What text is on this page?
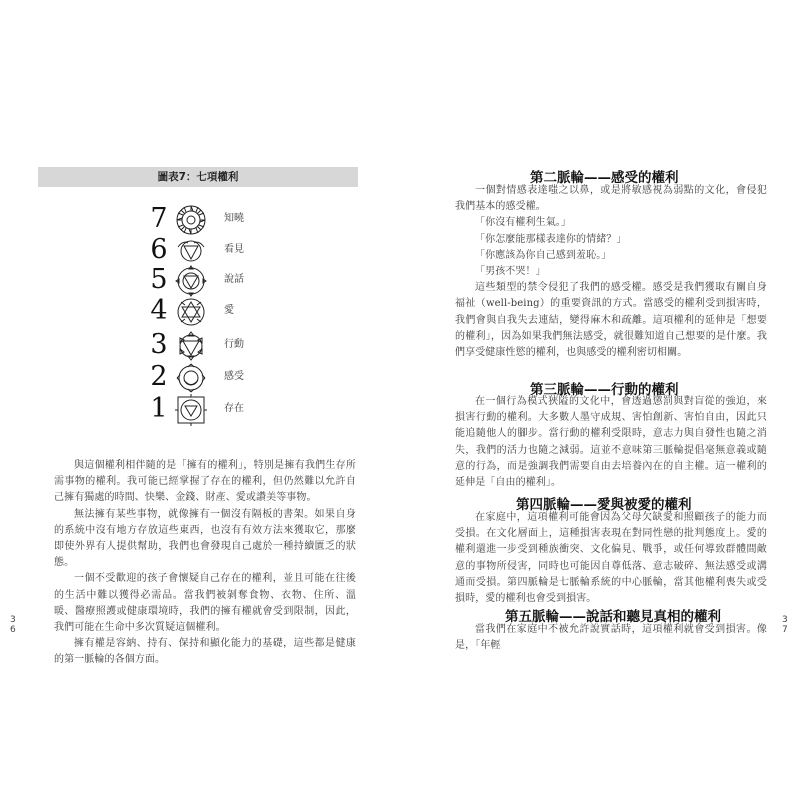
圖表7：七項權利
7	知曉
6	看見
5	說話
4	愛
3	行動
2	感受
1	存在

與這個權利相伴隨的是「擁有的權利」，特別是擁有我們生存所需事物的權利。我可能已經掌握了存在的權利，但仍然難以允許自己擁有獨處的時間、快樂、金錢、財產、愛或讚美等事物。

無法擁有某些事物，就像擁有一個沒有隔板的書架。如果自身的系統中沒有地方存放這些東西，也沒有有效方法來獲取它，那麼即使外界有人提供幫助，我們也會發現自己處於一種持續匱乏的狀態。

一個不受歡迎的孩子會懷疑自己存在的權利，並且可能在往後的生活中難以獲得必需品。當我們被剝奪食物、衣物、住所、溫暖、醫療照護或健康環境時，我們的擁有權就會受到限制，因此，我們可能在生命中多次質疑這個權利。

擁有權是容納、持有、保持和顯化能力的基礎，這些都是健康的第一脈輪的各個方面。

3
6
第二脈輪——感受的權利

一個對情感表達嗤之以鼻，或是將敏感視為弱點的文化，會侵犯我們基本的感受權。

「你沒有權利生氣。」

「你怎麼能那樣表達你的情緒？」

「你應該為你自己感到羞恥。」

「男孩不哭！」

這些類型的禁令侵犯了我們的感受權。感受是我們獲取有關自身福祉（well-being）的重要資訊的方式。當感受的權利受到損害時，我們會與自我失去連結，變得麻木和疏離。這項權利的延伸是「想要的權利」，因為如果我們無法感受，就很難知道自己想要的是什麼。我們享受健康性慾的權利，也與感受的權利密切相關。

第三脈輪——行動的權利

在一個行為模式狹隘的文化中，會透過懲罰與對盲從的強迫，來損害行動的權利。大多數人墨守成規、害怕創新、害怕自由，因此只能追隨他人的腳步。當行動的權利受限時，意志力與自發性也隨之消失，我們的活力也隨之減弱。這並不意味第三脈輪提倡毫無意義或隨意的行為，而是強調我們需要自由去培養內在的自主權。這一權利的延伸是「自由的權利」。

第四脈輪——愛與被愛的權利

在家庭中，這項權利可能會因為父母欠缺愛和照顧孩子的能力而受損。在文化層面上，這種損害表現在對同性戀的批判態度上。愛的權利還進一步受到種族衝突、文化偏見、戰爭，或任何導致群體間敵意的事物所侵害，同時也可能因自尊低落、意志破碎、無法感受或溝通而受損。第四脈輪是七脈輪系統的中心脈輪，當其他權利喪失或受損時，愛的權利也會受到損害。

第五脈輪——說話和聽見真相的權利

當我們在家庭中不被允許說實話時，這項權利就會受到損害。像是，「年輕

3
7
